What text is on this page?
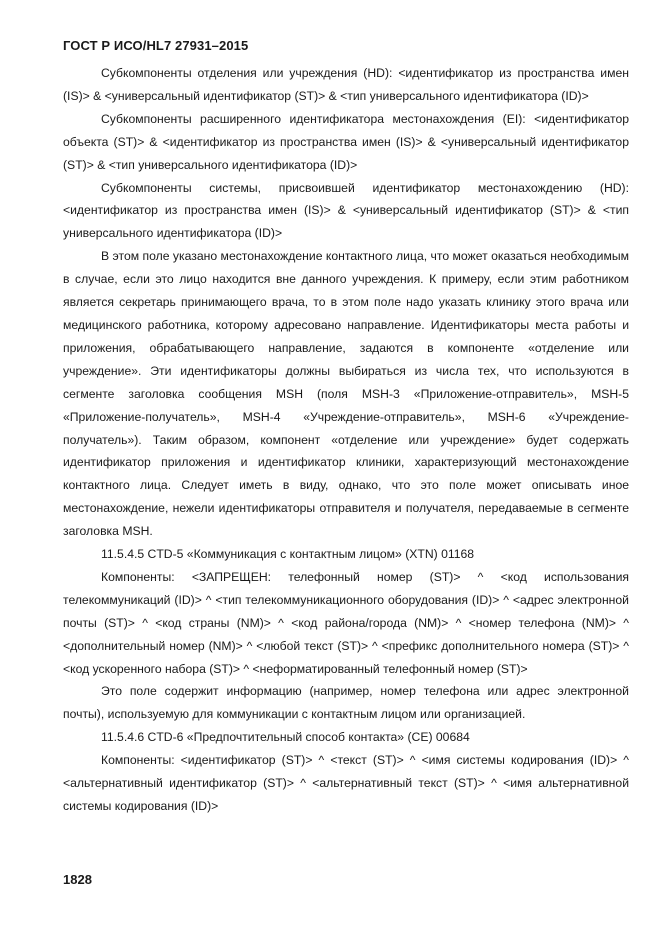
ГОСТ Р ИСО/HL7 27931–2015

Субкомпоненты отделения или учреждения (HD): <идентификатор из пространства имен (IS)> & <универсальный идентификатор (ST)> & <тип универсального идентификатора (ID)>

Субкомпоненты расширенного идентификатора местонахождения (EI): <идентификатор объекта (ST)> & <идентификатор из пространства имен (IS)> & <универсальный идентификатор (ST)> & <тип универсального идентификатора (ID)>

Субкомпоненты системы, присвоившей идентификатор местонахождению (HD): <идентификатор из пространства имен (IS)> & <универсальный идентификатор (ST)> & <тип универсального идентификатора (ID)>

В этом поле указано местонахождение контактного лица, что может оказаться необходимым в случае, если это лицо находится вне данного учреждения. К примеру, если этим работником является секретарь принимающего врача, то в этом поле надо указать клинику этого врача или медицинского работника, которому адресовано направление. Идентификаторы места работы и приложения, обрабатывающего направление, задаются в компоненте «отделение или учреждение». Эти идентификаторы должны выбираться из числа тех, что используются в сегменте заголовка сообщения MSH (поля MSH-3 «Приложение-отправитель», MSH-5 «Приложение-получатель», MSH-4 «Учреждение-отправитель», MSH-6 «Учреждение-получатель»). Таким образом, компонент «отделение или учреждение» будет содержать идентификатор приложения и идентификатор клиники, характеризующий местонахождение контактного лица. Следует иметь в виду, однако, что это поле может описывать иное местонахождение, нежели идентификаторы отправителя и получателя, передаваемые в сегменте заголовка MSH.

11.5.4.5 CTD-5 «Коммуникация с контактным лицом» (XTN) 01168

Компоненты: <ЗАПРЕЩЕН: телефонный номер (ST)> ^ <код использования телекоммуникаций (ID)> ^ <тип телекоммуникационного оборудования (ID)> ^ <адрес электронной почты (ST)> ^ <код страны (NM)> ^ <код района/города (NM)> ^ <номер телефона (NM)> ^ <дополнительный номер (NM)> ^ <любой текст (ST)> ^ <префикс дополнительного номера (ST)> ^ <код ускоренного набора (ST)> ^ <неформатированный телефонный номер (ST)>

Это поле содержит информацию (например, номер телефона или адрес электронной почты), используемую для коммуникации с контактным лицом или организацией.

11.5.4.6 CTD-6 «Предпочтительный способ контакта» (CE) 00684

Компоненты: <идентификатор (ST)> ^ <текст (ST)> ^ <имя системы кодирования (ID)> ^ <альтернативный идентификатор (ST)> ^ <альтернативный текст (ST)> ^ <имя альтернативной системы кодирования (ID)>

1828
